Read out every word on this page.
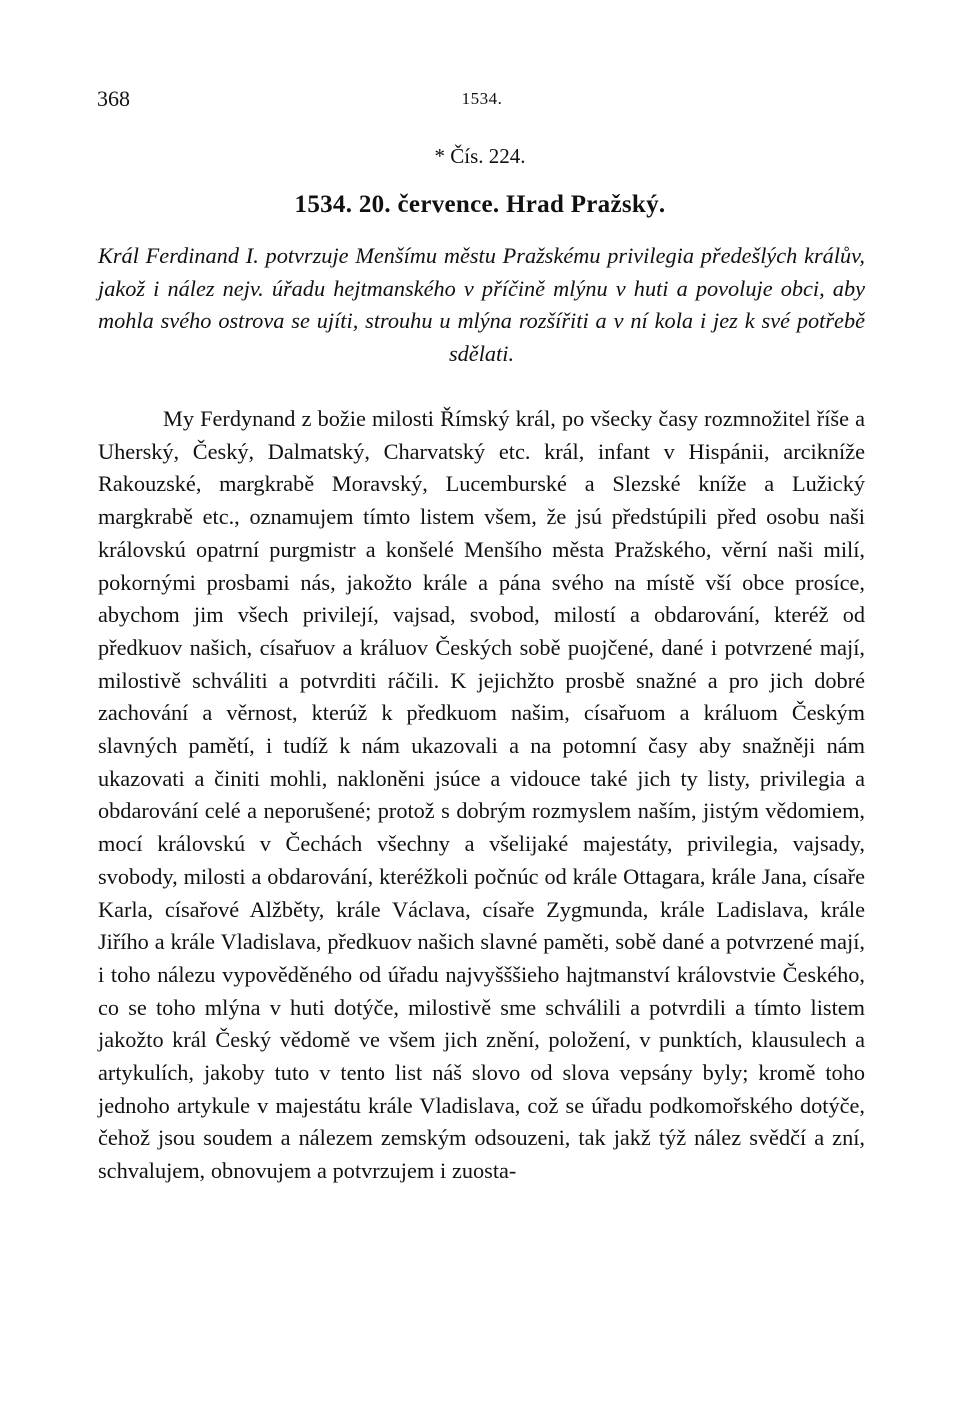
368	1534.
* Čís. 224.
1534. 20. července. Hrad Pražský.

Král Ferdinand I. potvrzuje Menšímu městu Pražskému privilegia předešlých králův, jakož i nález nejv. úřadu hejtmanského v příčině mlýnu v huti a povoluje obci, aby mohla svého ostrova se ujíti, strouhu u mlýna rozšířiti a v ní kola i jez k své potřebě sdělati.

My Ferdynand z božie milosti Římský král, po všecky časy rozmnožitel říše a Uherský, Český, Dalmatský, Charvatský etc. král, infant v Hispánii, arcikníže Rakouzské, margkrabě Moravský, Lucemburské a Slezské kníže a Lužický margkrabě etc., oznamujem tímto listem všem, že jsú předstúpili před osobu naši královskú opatrní purgmistr a konšelé Menšího města Pražského, věrní naši milí, pokornými prosbami nás, jakožto krále a pána svého na místě vší obce prosíce, abychom jim všech privilejí, vajsad, svobod, milostí a obdarování, kteréž od předkuov našich, císařuov a králuov Českých sobě puojčené, dané i potvrzené mají, milostivě schváliti a potvrditi ráčili. K jejichžto prosbě snažné a pro jich dobré zachování a věrnost, kterúž k předkuom našim, císařuom a králuom Českým slavných pamětí, i tudíž k nám ukazovali a na potomní časy aby snažněji nám ukazovati a činiti mohli, nakloněni jsúce a vidouce také jich ty listy, privilegia a obdarování celé a neporušené; protož s dobrým rozmyslem naším, jistým vědomiem, mocí královskú v Čechách všechny a všelijaké majestáty, privilegia, vajsady, svobody, milosti a obdarování, kteréžkoli počnúc od krále Ottagara, krále Jana, císaře Karla, císařové Alžběty, krále Václava, císaře Zygmunda, krále Ladislava, krále Jiřího a krále Vladislava, předkuov našich slavné paměti, sobě dané a potvrzené mají, i toho nálezu vypověděného od úřadu najvyšššieho hajtmanství královstvie Českého, co se toho mlýna v huti dotýče, milostivě sme schválili a potvrdili a tímto listem jakožto král Český vědomě ve všem jich znění, položení, v punktích, klausulech a artykulích, jakoby tuto v tento list náš slovo od slova vepsány byly; kromě toho jednoho artykule v majestátu krále Vladislava, což se úřadu podkomořského dotýče, čehož jsou soudem a nálezem zemským odsouzeni, tak jakž týž nález svědčí a zní, schvalujem, obnovujem a potvrzujem i zuosta-
